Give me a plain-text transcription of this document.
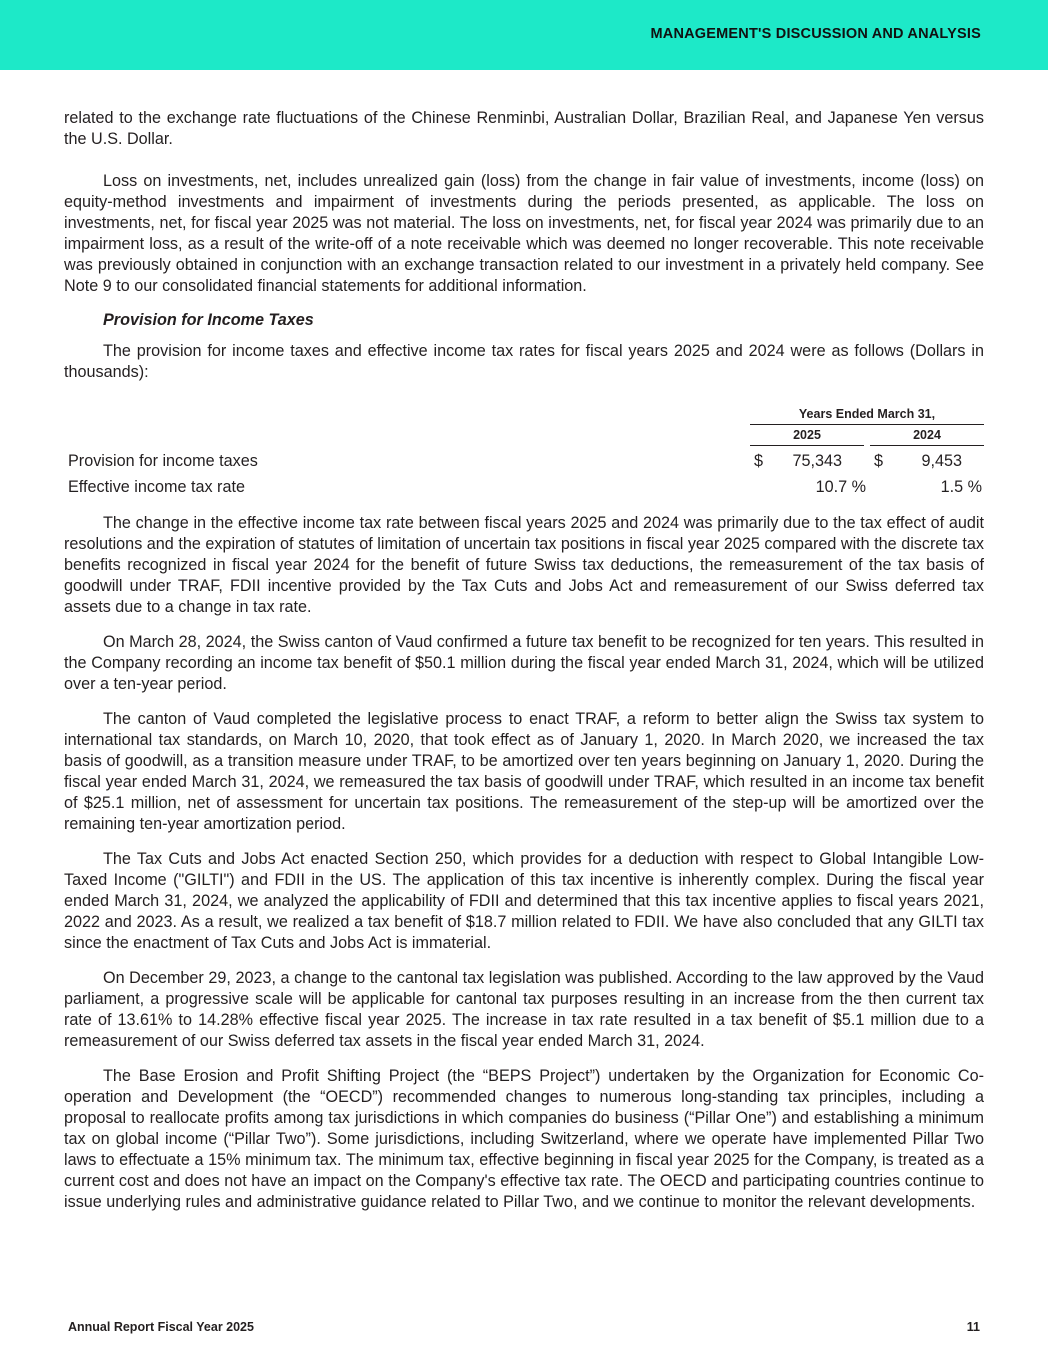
MANAGEMENT'S DISCUSSION AND ANALYSIS

related to the exchange rate fluctuations of the Chinese Renminbi, Australian Dollar, Brazilian Real, and Japanese Yen versus the U.S. Dollar.

Loss on investments, net, includes unrealized gain (loss) from the change in fair value of investments, income (loss) on equity-method investments and impairment of investments during the periods presented, as applicable. The loss on investments, net, for fiscal year 2025 was not material. The loss on investments, net, for fiscal year 2024 was primarily due to an impairment loss, as a result of the write-off of a note receivable which was deemed no longer recoverable. This note receivable was previously obtained in conjunction with an exchange transaction related to our investment in a privately held company. See Note 9 to our consolidated financial statements for additional information.

Provision for Income Taxes

The provision for income taxes and effective income tax rates for fiscal years 2025 and 2024 were as follows (Dollars in thousands):

Years Ended March 31,
2025	2024
Provision for income taxes	$ 75,343 $ 9,453
Effective income tax rate	10.7 %	1.5 %

The change in the effective income tax rate between fiscal years 2025 and 2024 was primarily due to the tax effect of audit resolutions and the expiration of statutes of limitation of uncertain tax positions in fiscal year 2025 compared with the discrete tax benefits recognized in fiscal year 2024 for the benefit of future Swiss tax deductions, the remeasurement of the tax basis of goodwill under TRAF, FDII incentive provided by the Tax Cuts and Jobs Act and remeasurement of our Swiss deferred tax assets due to a change in tax rate.

On March 28, 2024, the Swiss canton of Vaud confirmed a future tax benefit to be recognized for ten years. This resulted in the Company recording an income tax benefit of $50.1 million during the fiscal year ended March 31, 2024, which will be utilized over a ten-year period.

The canton of Vaud completed the legislative process to enact TRAF, a reform to better align the Swiss tax system to international tax standards, on March 10, 2020, that took effect as of January 1, 2020. In March 2020, we increased the tax basis of goodwill, as a transition measure under TRAF, to be amortized over ten years beginning on January 1, 2020. During the fiscal year ended March 31, 2024, we remeasured the tax basis of goodwill under TRAF, which resulted in an income tax benefit of $25.1 million, net of assessment for uncertain tax positions. The remeasurement of the step-up will be amortized over the remaining ten-year amortization period.

The Tax Cuts and Jobs Act enacted Section 250, which provides for a deduction with respect to Global Intangible Low-Taxed Income ("GILTI") and FDII in the US. The application of this tax incentive is inherently complex. During the fiscal year ended March 31, 2024, we analyzed the applicability of FDII and determined that this tax incentive applies to fiscal years 2021, 2022 and 2023. As a result, we realized a tax benefit of $18.7 million related to FDII. We have also concluded that any GILTI tax since the enactment of Tax Cuts and Jobs Act is immaterial.

On December 29, 2023, a change to the cantonal tax legislation was published. According to the law approved by the Vaud parliament, a progressive scale will be applicable for cantonal tax purposes resulting in an increase from the then current tax rate of 13.61% to 14.28% effective fiscal year 2025. The increase in tax rate resulted in a tax benefit of $5.1 million due to a remeasurement of our Swiss deferred tax assets in the fiscal year ended March 31, 2024.

The Base Erosion and Profit Shifting Project (the “BEPS Project”) undertaken by the Organization for Economic Co-operation and Development (the “OECD”) recommended changes to numerous long-standing tax principles, including a proposal to reallocate profits among tax jurisdictions in which companies do business (“Pillar One”) and establishing a minimum tax on global income (“Pillar Two”). Some jurisdictions, including Switzerland, where we operate have implemented Pillar Two laws to effectuate a 15% minimum tax. The minimum tax, effective beginning in fiscal year 2025 for the Company, is treated as a current cost and does not have an impact on the Company's effective tax rate. The OECD and participating countries continue to issue underlying rules and administrative guidance related to Pillar Two, and we continue to monitor the relevant developments.

Annual Report Fiscal Year 2025	11
